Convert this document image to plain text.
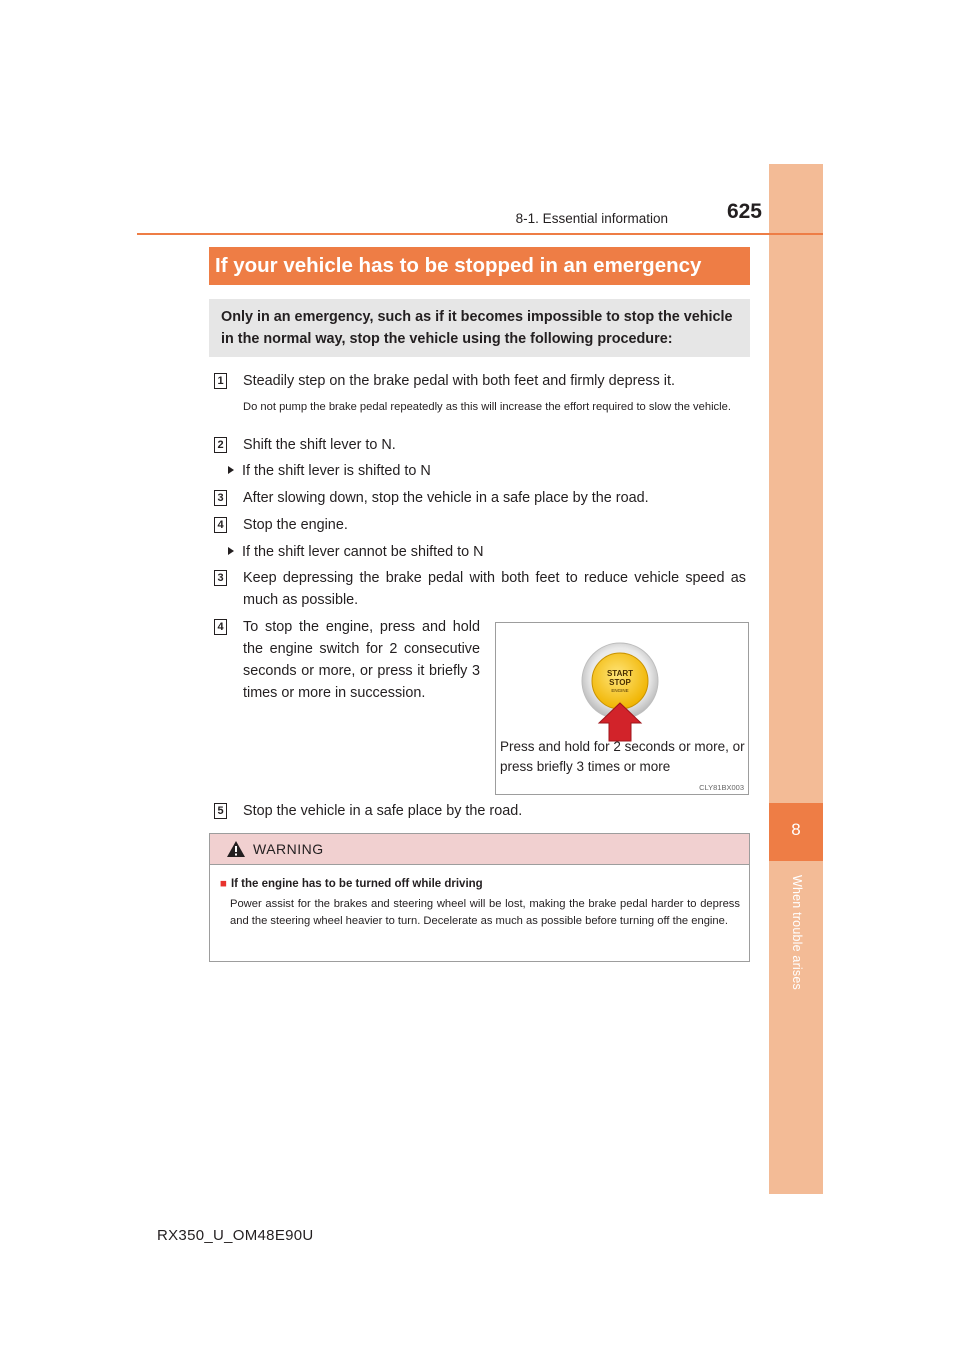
8
When trouble arises
8-1. Essential information	625
If your vehicle has to be stopped in an emergency
Only in an emergency, such as if it becomes impossible to stop the vehicle in the normal way, stop the vehicle using the following procedure:
1 Steadily step on the brake pedal with both feet and firmly depress it.
Do not pump the brake pedal repeatedly as this will increase the effort required to slow the vehicle.
2 Shift the shift lever to N.
If the shift lever is shifted to N
3 After slowing down, stop the vehicle in a safe place by the road.
4 Stop the engine.
If the shift lever cannot be shifted to N
3 Keep depressing the brake pedal with both feet to reduce vehicle speed as much as possible.
4 To stop the engine, press and hold the engine switch for 2 consecutive seconds or more, or press it briefly 3 times or more in succession.
START
STOP
ENGINE
Press and hold for 2 seconds or more, or press briefly 3 times or more
CLY81BX003
5 Stop the vehicle in a safe place by the road.
WARNING
■ If the engine has to be turned off while driving
Power assist for the brakes and steering wheel will be lost, making the brake pedal harder to depress and the steering wheel heavier to turn. Decelerate as much as possible before turning off the engine.
RX350_U_OM48E90U
